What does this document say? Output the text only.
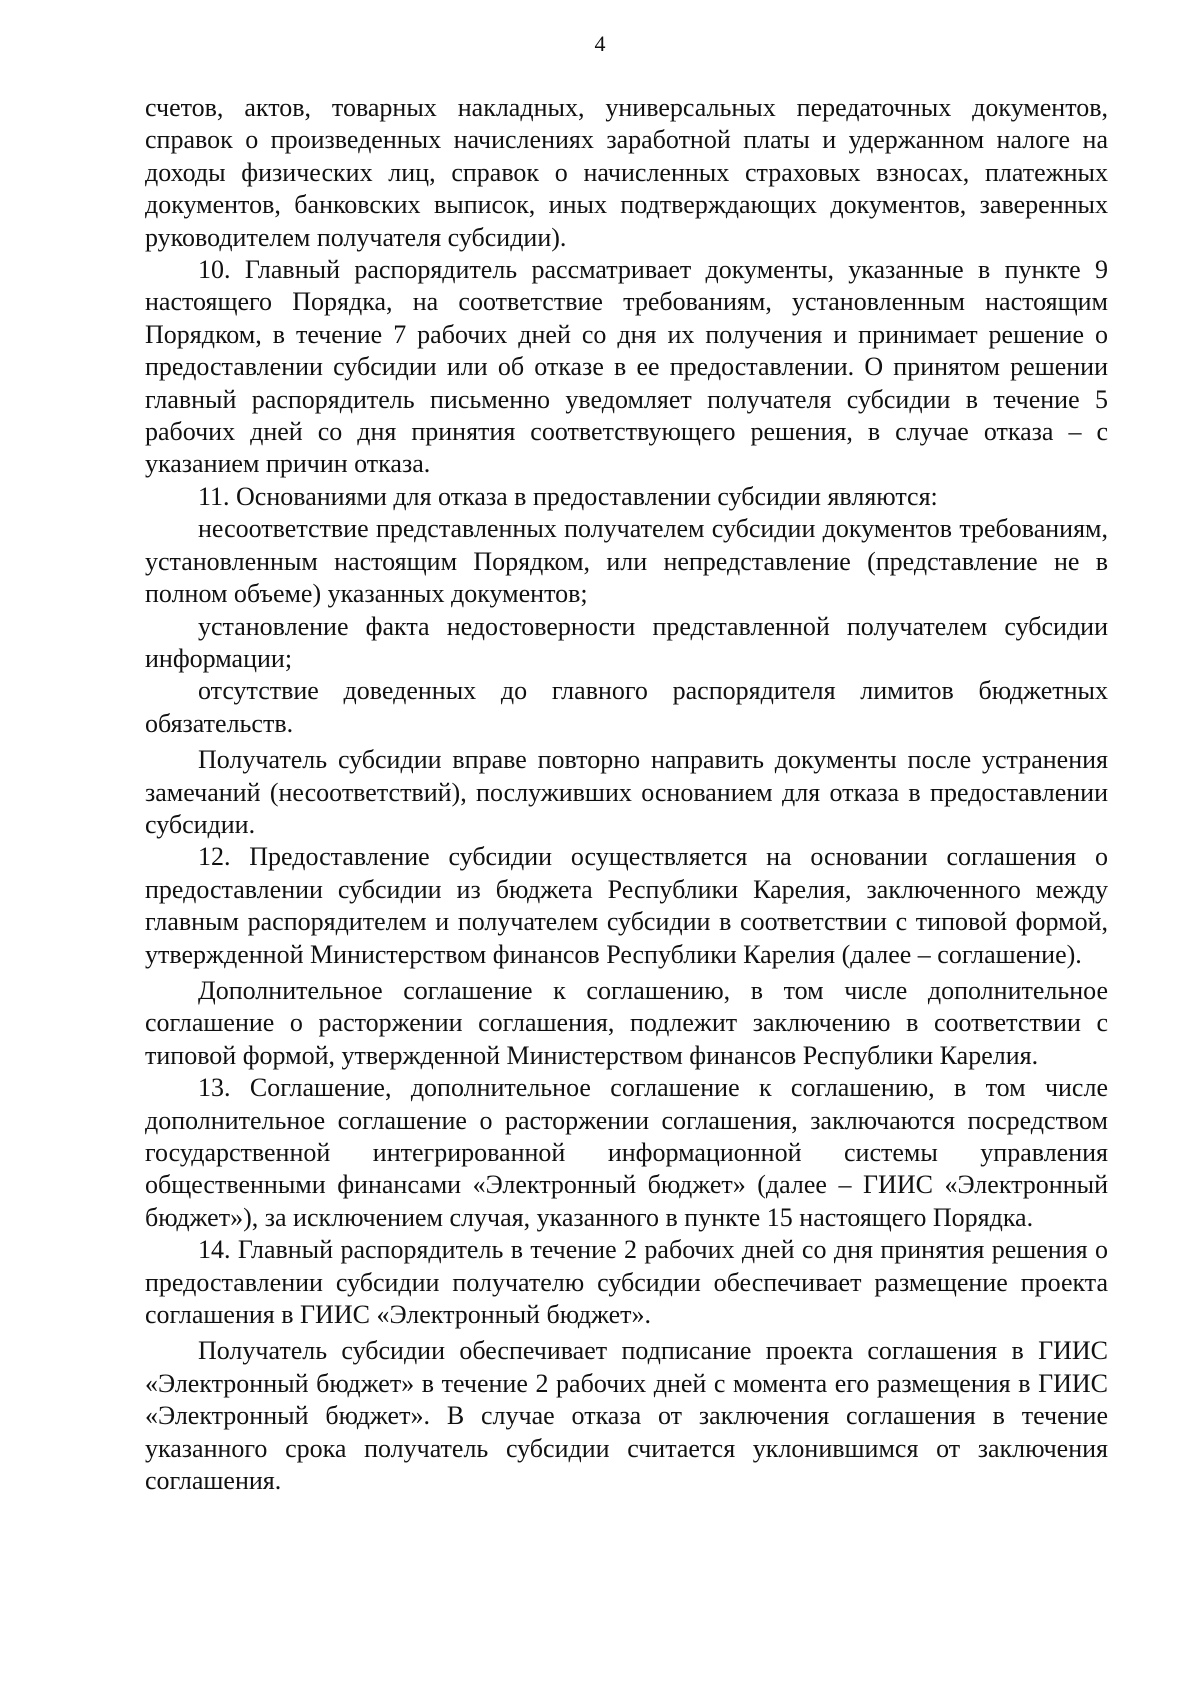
4

счетов, актов, товарных накладных, универсальных передаточных документов, справок о произведенных начислениях заработной платы и удержанном налоге на доходы физических лиц, справок о начисленных страховых взносах, платежных документов, банковских выписок, иных подтверждающих документов, заверенных руководителем получателя субсидии).

10. Главный распорядитель рассматривает документы, указанные в пункте 9 настоящего Порядка, на соответствие требованиям, установленным настоящим Порядком, в течение 7 рабочих дней со дня их получения и принимает решение о предоставлении субсидии или об отказе в ее предоставлении. О принятом решении главный распорядитель письменно уведомляет получателя субсидии в течение 5 рабочих дней со дня принятия соответствующего решения, в случае отказа – с указанием причин отказа.

11. Основаниями для отказа в предоставлении субсидии являются:

несоответствие представленных получателем субсидии документов требованиям, установленным настоящим Порядком, или непредставление (представление не в полном объеме) указанных документов;

установление факта недостоверности представленной получателем субсидии информации;

отсутствие доведенных до главного распорядителя лимитов бюджетных обязательств.

Получатель субсидии вправе повторно направить документы после устранения замечаний (несоответствий), послуживших основанием для отказа в предоставлении субсидии.

12. Предоставление субсидии осуществляется на основании соглашения о предоставлении субсидии из бюджета Республики Карелия, заключенного между главным распорядителем и получателем субсидии в соответствии с типовой формой, утвержденной Министерством финансов Республики Карелия (далее – соглашение).

Дополнительное соглашение к соглашению, в том числе дополнительное соглашение о расторжении соглашения, подлежит заключению в соответствии с типовой формой, утвержденной Министерством финансов Республики Карелия.

13. Соглашение, дополнительное соглашение к соглашению, в том числе дополнительное соглашение о расторжении соглашения, заключаются посредством государственной интегрированной информационной системы управления общественными финансами «Электронный бюджет» (далее – ГИИС «Электронный бюджет»), за исключением случая, указанного в пункте 15 настоящего Порядка.

14. Главный распорядитель в течение 2 рабочих дней со дня принятия решения о предоставлении субсидии получателю субсидии обеспечивает размещение проекта соглашения в ГИИС «Электронный бюджет».

Получатель субсидии обеспечивает подписание проекта соглашения в ГИИС «Электронный бюджет» в течение 2 рабочих дней с момента его размещения в ГИИС «Электронный бюджет». В случае отказа от заключения соглашения в течение указанного срока получатель субсидии считается уклонившимся от заключения соглашения.
